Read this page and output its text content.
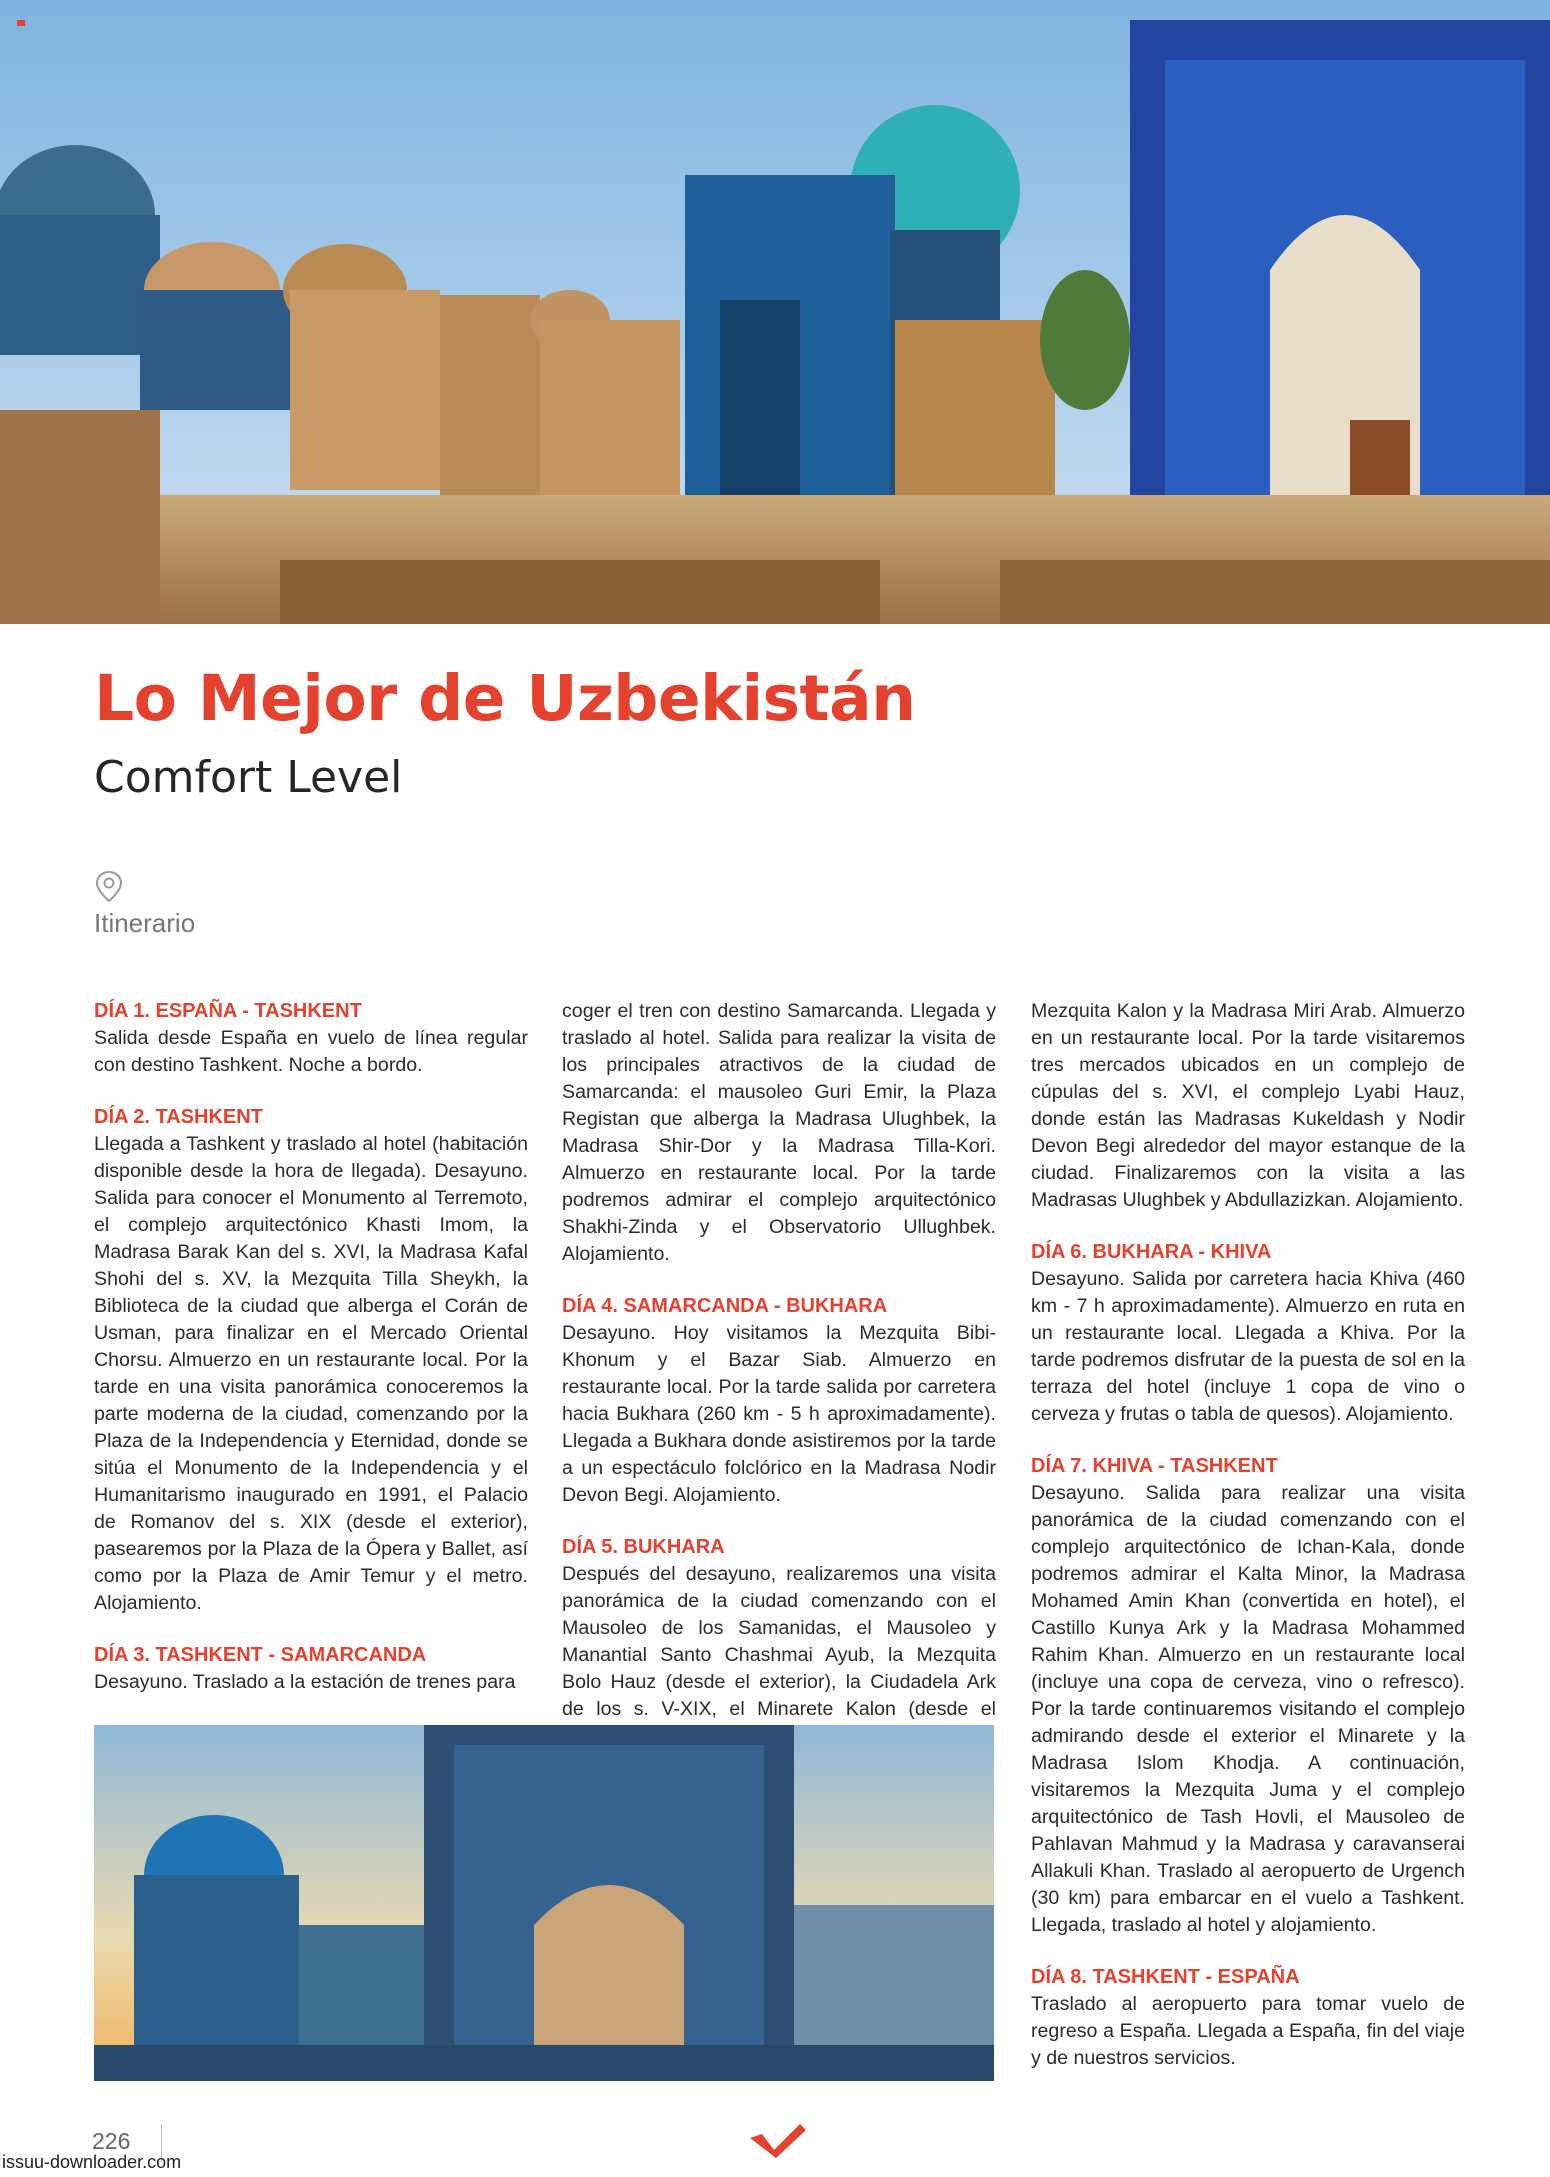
Lo Mejor de Uzbekistán
Comfort Level
Itinerario
DÍA 1. ESPAÑA - TASHKENT

Salida desde España en vuelo de línea regular con destino Tashkent. Noche a bordo.

DÍA 2. TASHKENT

Llegada a Tashkent y traslado al hotel (habitación disponible desde la hora de llegada). Desayuno. Salida para conocer el Monumento al Terremoto, el complejo arquitectónico Khasti Imom, la Madrasa Barak Kan del s. XVI, la Madrasa Kafal Shohi del s. XV, la Mezquita Tilla Sheykh, la Biblioteca de la ciudad que alberga el Corán de Usman, para finalizar en el Mercado Oriental Chorsu. Almuerzo en un restaurante local. Por la tarde en una visita panorámica conoceremos la parte moderna de la ciudad, comenzando por la Plaza de la Independencia y Eternidad, donde se sitúa el Monumento de la Independencia y el Humanitarismo inaugurado en 1991, el Palacio de Romanov del s. XIX (desde el exterior), pasearemos por la Plaza de la Ópera y Ballet, así como por la Plaza de Amir Temur y el metro. Alojamiento.

DÍA 3. TASHKENT - SAMARCANDA

Desayuno. Traslado a la estación de trenes para

coger el tren con destino Samarcanda. Llegada y traslado al hotel. Salida para realizar la visita de los principales atractivos de la ciudad de Samarcanda: el mausoleo Guri Emir, la Plaza Registan que alberga la Madrasa Ulughbek, la Madrasa Shir-Dor y la Madrasa Tilla-Kori. Almuerzo en restaurante local. Por la tarde podremos admirar el complejo arquitectónico Shakhi-Zinda y el Observatorio Ullughbek. Alojamiento.

DÍA 4. SAMARCANDA - BUKHARA

Desayuno. Hoy visitamos la Mezquita Bibi-Khonum y el Bazar Siab. Almuerzo en restaurante local. Por la tarde salida por carretera hacia Bukhara (260 km - 5 h aproximadamente). Llegada a Bukhara donde asistiremos por la tarde a un espectáculo folclórico en la Madrasa Nodir Devon Begi. Alojamiento.

DÍA 5. BUKHARA

Después del desayuno, realizaremos una visita panorámica de la ciudad comenzando con el Mausoleo de los Samanidas, el Mausoleo y Manantial Santo Chashmai Ayub, la Mezquita Bolo Hauz (desde el exterior), la Ciudadela Ark de los s. V-XIX, el Minarete Kalon (desde el

Mezquita Kalon y la Madrasa Miri Arab. Almuerzo en un restaurante local. Por la tarde visitaremos tres mercados ubicados en un complejo de cúpulas del s. XVI, el complejo Lyabi Hauz, donde están las Madrasas Kukeldash y Nodir Devon Begi alrededor del mayor estanque de la ciudad. Finalizaremos con la visita a las Madrasas Ulughbek y Abdullazizkan. Alojamiento.

DÍA 6. BUKHARA - KHIVA

Desayuno. Salida por carretera hacia Khiva (460 km - 7 h aproximadamente). Almuerzo en ruta en un restaurante local. Llegada a Khiva. Por la tarde podremos disfrutar de la puesta de sol en la terraza del hotel (incluye 1 copa de vino o cerveza y frutas o tabla de quesos). Alojamiento.

DÍA 7. KHIVA - TASHKENT

Desayuno. Salida para realizar una visita panorámica de la ciudad comenzando con el complejo arquitectónico de Ichan-Kala, donde podremos admirar el Kalta Minor, la Madrasa Mohamed Amin Khan (convertida en hotel), el Castillo Kunya Ark y la Madrasa Mohammed Rahim Khan. Almuerzo en un restaurante local (incluye una copa de cerveza, vino o refresco). Por la tarde continuaremos visitando el complejo admirando desde el exterior el Minarete y la Madrasa Islom Khodja. A continuación, visitaremos la Mezquita Juma y el complejo arquitectónico de Tash Hovli, el Mausoleo de Pahlavan Mahmud y la Madrasa y caravanserai Allakuli Khan. Traslado al aeropuerto de Urgench (30 km) para embarcar en el vuelo a Tashkent. Llegada, traslado al hotel y alojamiento.

DÍA 8. TASHKENT - ESPAÑA

Traslado al aeropuerto para tomar vuelo de regreso a España. Llegada a España, fin del viaje y de nuestros servicios.

226
issuu-downloader.com
